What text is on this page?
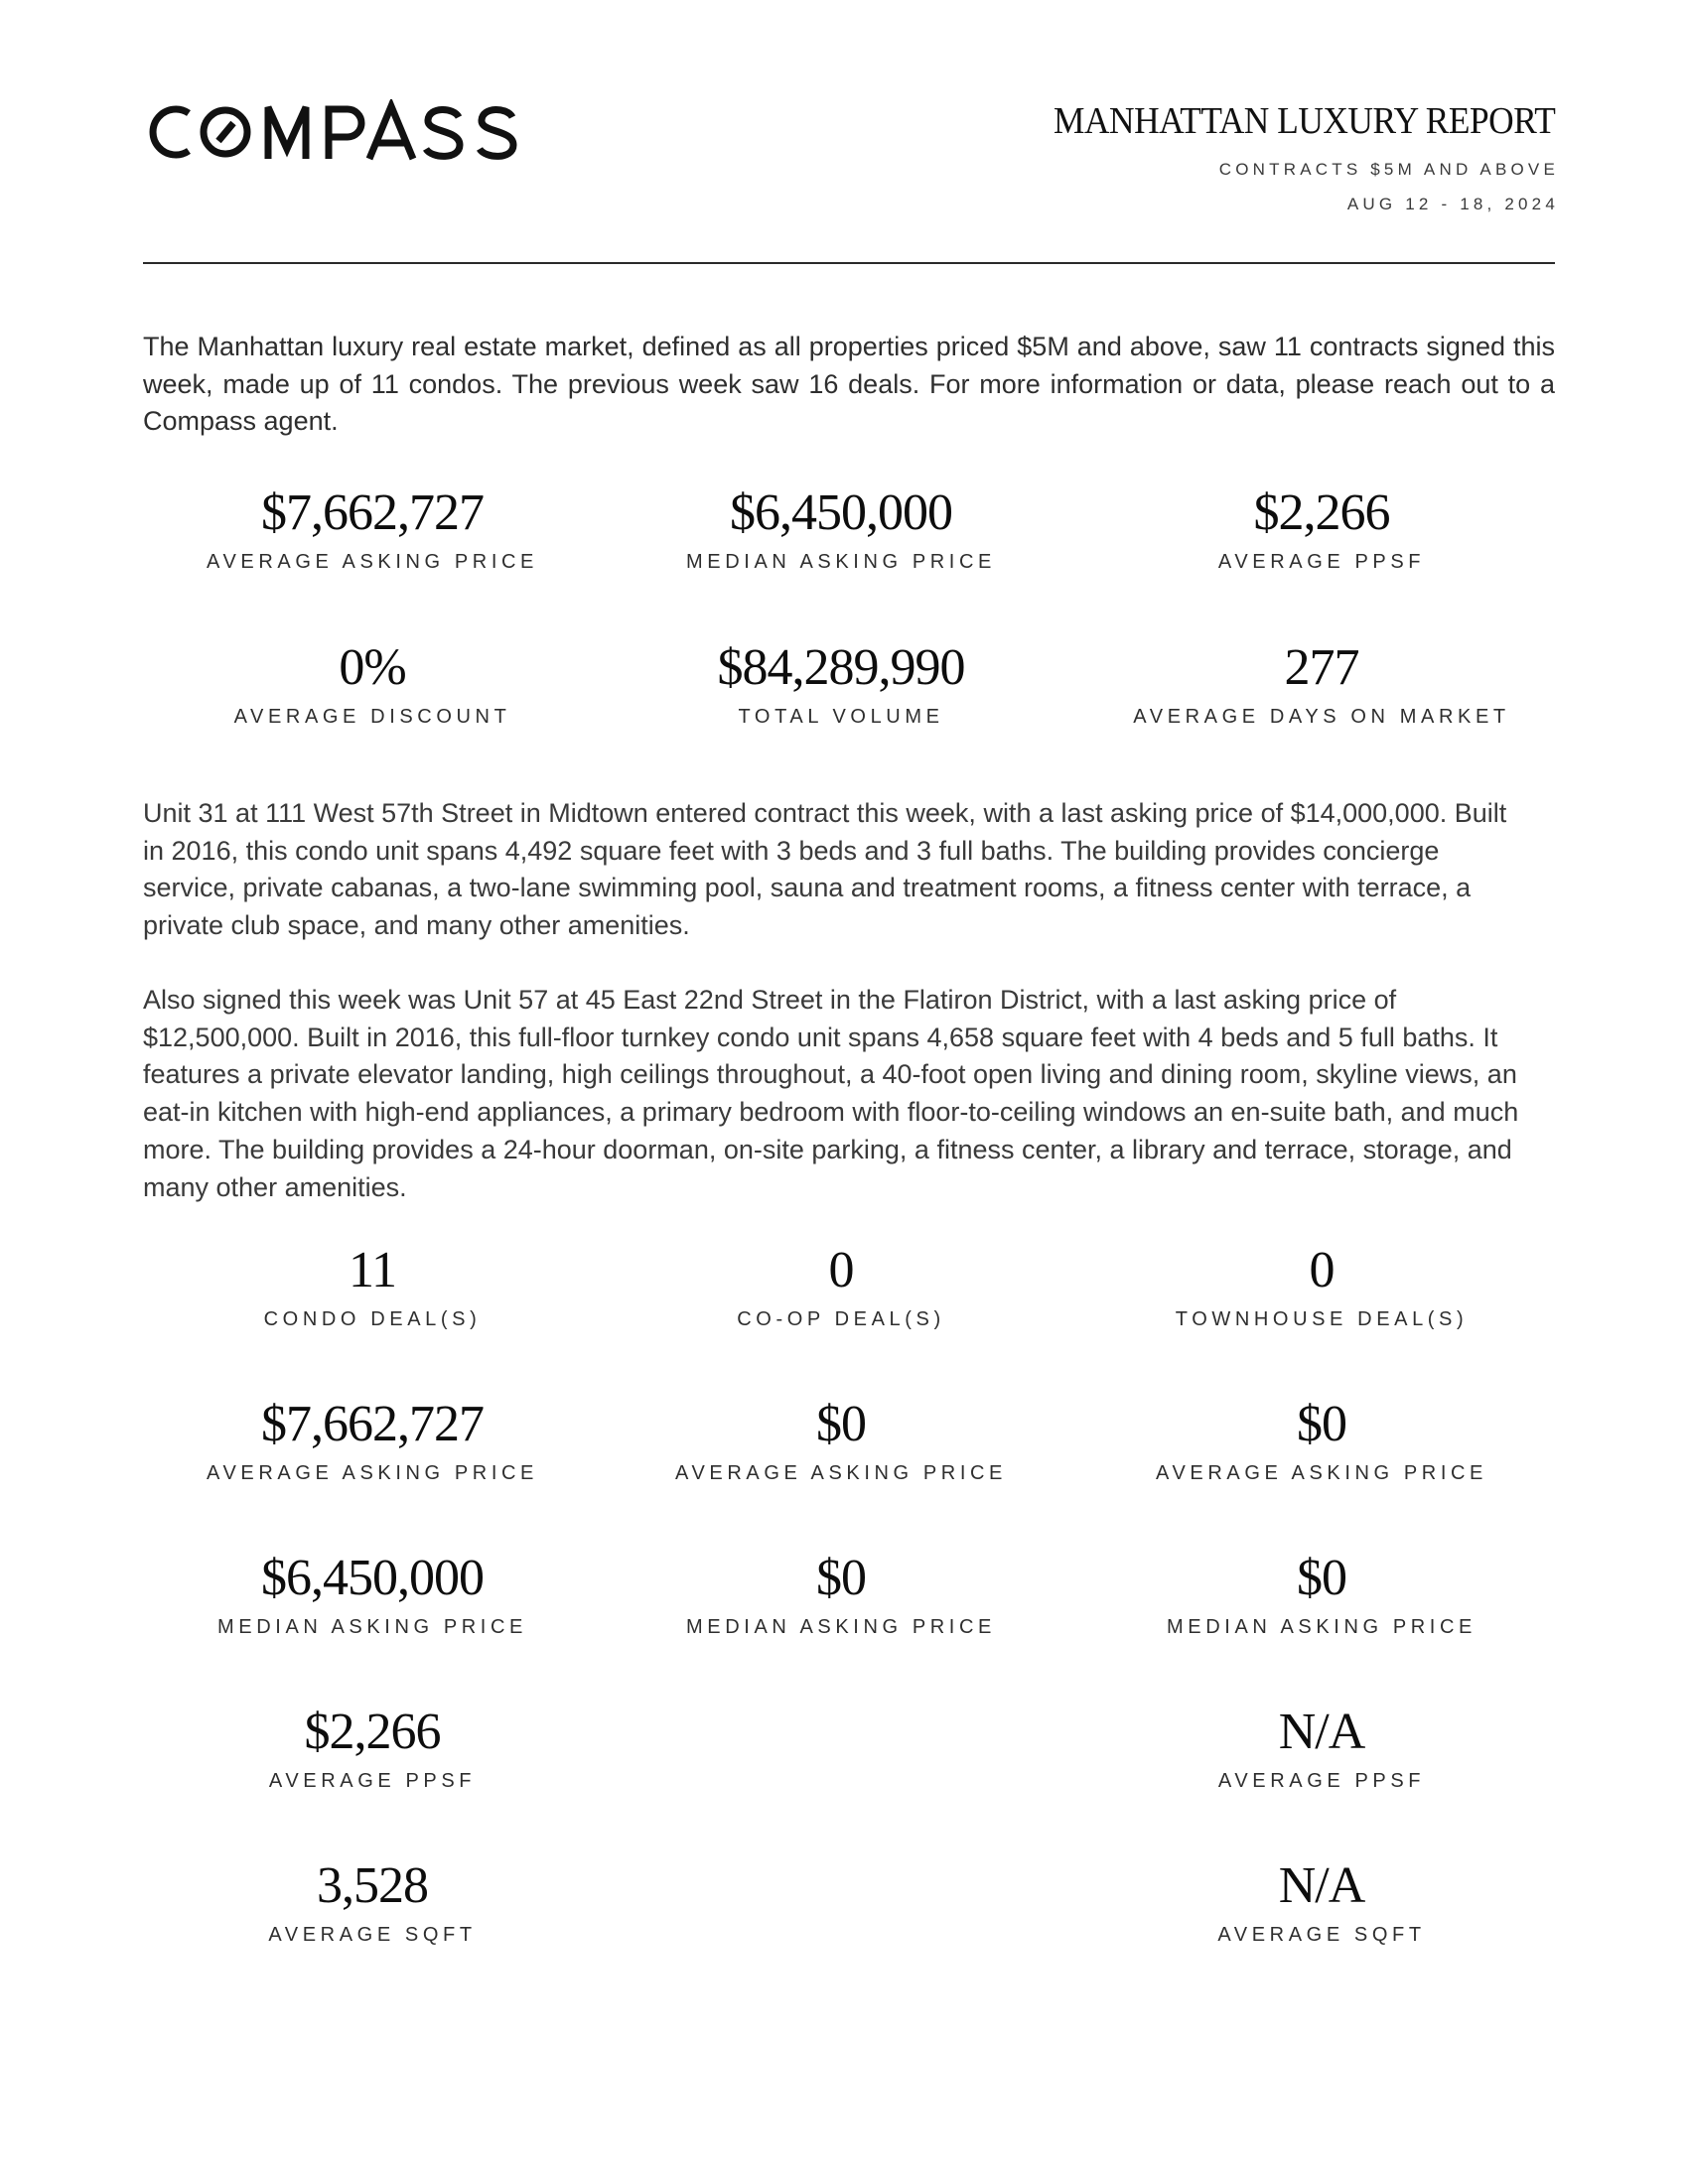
MANHATTAN LUXURY REPORT
CONTRACTS $5M AND ABOVE
AUG 12 - 18, 2024

The Manhattan luxury real estate market, defined as all properties priced $5M and above, saw 11 contracts signed this week, made up of 11 condos. The previous week saw 16 deals. For more information or data, please reach out to a Compass agent.

$7,662,727
AVERAGE ASKING PRICE
$6,450,000
MEDIAN ASKING PRICE
$2,266
AVERAGE PPSF
0%
AVERAGE DISCOUNT
$84,289,990
TOTAL VOLUME
277
AVERAGE DAYS ON MARKET

Unit 31 at 111 West 57th Street in Midtown entered contract this week, with a last asking price of $14,000,000. Built in 2016, this condo unit spans 4,492 square feet with 3 beds and 3 full baths. The building provides concierge service, private cabanas, a two-lane swimming pool, sauna and treatment rooms, a fitness center with terrace, a private club space, and many other amenities.

Also signed this week was Unit 57 at 45 East 22nd Street in the Flatiron District, with a last asking price of $12,500,000. Built in 2016, this full-floor turnkey condo unit spans 4,658 square feet with 4 beds and 5 full baths. It features a private elevator landing, high ceilings throughout, a 40-foot open living and dining room, skyline views, an eat-in kitchen with high-end appliances, a primary bedroom with floor-to-ceiling windows an en-suite bath, and much more. The building provides a 24-hour doorman, on-site parking, a fitness center, a library and terrace, storage, and many other amenities.

11
CONDO DEAL(S)
0
CO-OP DEAL(S)
0
TOWNHOUSE DEAL(S)
$7,662,727
AVERAGE ASKING PRICE
$0
AVERAGE ASKING PRICE
$0
AVERAGE ASKING PRICE
$6,450,000
MEDIAN ASKING PRICE
$0
MEDIAN ASKING PRICE
$0
MEDIAN ASKING PRICE
$2,266
AVERAGE PPSF
N/A
AVERAGE PPSF
3,528
AVERAGE SQFT
N/A
AVERAGE SQFT
